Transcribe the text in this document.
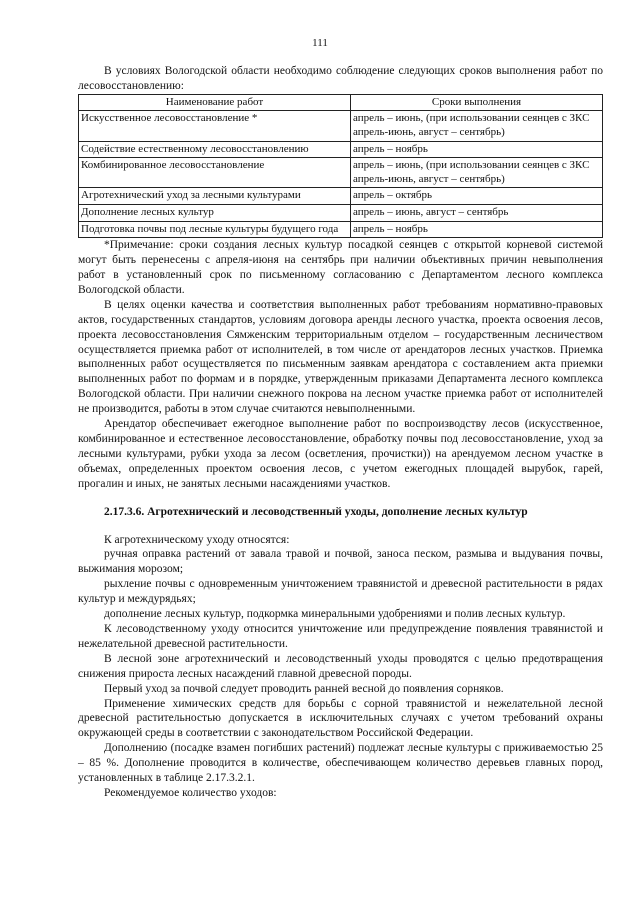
111

В условиях Вологодской области необходимо соблюдение следующих сроков выполнения работ по лесовосстановлению:

Наименование работ	Сроки выполнения
Искусственное лесовосстановление *	апрель – июнь, (при использовании сеянцев с ЗКС апрель-июнь, август – сентябрь)
Содействие естественному лесовосстановлению	апрель – ноябрь
Комбинированное лесовосстановление	апрель – июнь, (при использовании сеянцев с ЗКС апрель-июнь, август – сентябрь)
Агротехнический уход за лесными культурами	апрель – октябрь
Дополнение лесных культур	апрель – июнь, август – сентябрь
Подготовка почвы под лесные культуры будущего года	апрель – ноябрь

*Примечание: сроки создания лесных культур посадкой сеянцев с открытой корневой системой могут быть перенесены с апреля-июня на сентябрь при наличии объективных причин невыполнения работ в установленный срок по письменному согласованию с Департаментом лесного комплекса Вологодской области.

В целях оценки качества и соответствия выполненных работ требованиям нормативно-правовых актов, государственных стандартов, условиям договора аренды лесного участка, проекта освоения лесов, проекта лесовосстановления Сямженским территориальным отделом – государственным лесничеством осуществляется приемка работ от исполнителей, в том числе от арендаторов лесных участков. Приемка выполненных работ осуществляется по письменным заявкам арендатора с составлением акта приемки выполненных работ по формам и в порядке, утвержденным приказами Департамента лесного комплекса Вологодской области. При наличии снежного покрова на лесном участке приемка работ от исполнителей не производится, работы в этом случае считаются невыполненными.

Арендатор обеспечивает ежегодное выполнение работ по воспроизводству лесов (искусственное, комбинированное и естественное лесовосстановление, обработку почвы под лесовосстановление, уход за лесными культурами, рубки ухода за лесом (осветления, прочистки)) на арендуемом лесном участке в объемах, определенных проектом освоения лесов, с учетом ежегодных площадей вырубок, гарей, прогалин и иных, не занятых лесными насаждениями участков.

2.17.3.6. Агротехнический и лесоводственный уходы, дополнение лесных культур

К агротехническому уходу относятся:

ручная оправка растений от завала травой и почвой, заноса песком, размыва и выдувания почвы, выжимания морозом;

рыхление почвы с одновременным уничтожением травянистой и древесной растительности в рядах культур и междурядьях;

дополнение лесных культур, подкормка минеральными удобрениями и полив лесных культур.

К лесоводственному уходу относится уничтожение или предупреждение появления травянистой и нежелательной древесной растительности.

В лесной зоне агротехнический и лесоводственный уходы проводятся с целью предотвращения снижения прироста лесных насаждений главной древесной породы.

Первый уход за почвой следует проводить ранней весной до появления сорняков.

Применение химических средств для борьбы с сорной травянистой и нежелательной лесной древесной растительностью допускается в исключительных случаях с учетом требований охраны окружающей среды в соответствии с законодательством Российской Федерации.

Дополнению (посадке взамен погибших растений) подлежат лесные культуры с приживаемостью 25 – 85 %. Дополнение проводится в количестве, обеспечивающем количество деревьев главных пород, установленных в таблице 2.17.3.2.1.

Рекомендуемое количество уходов:
